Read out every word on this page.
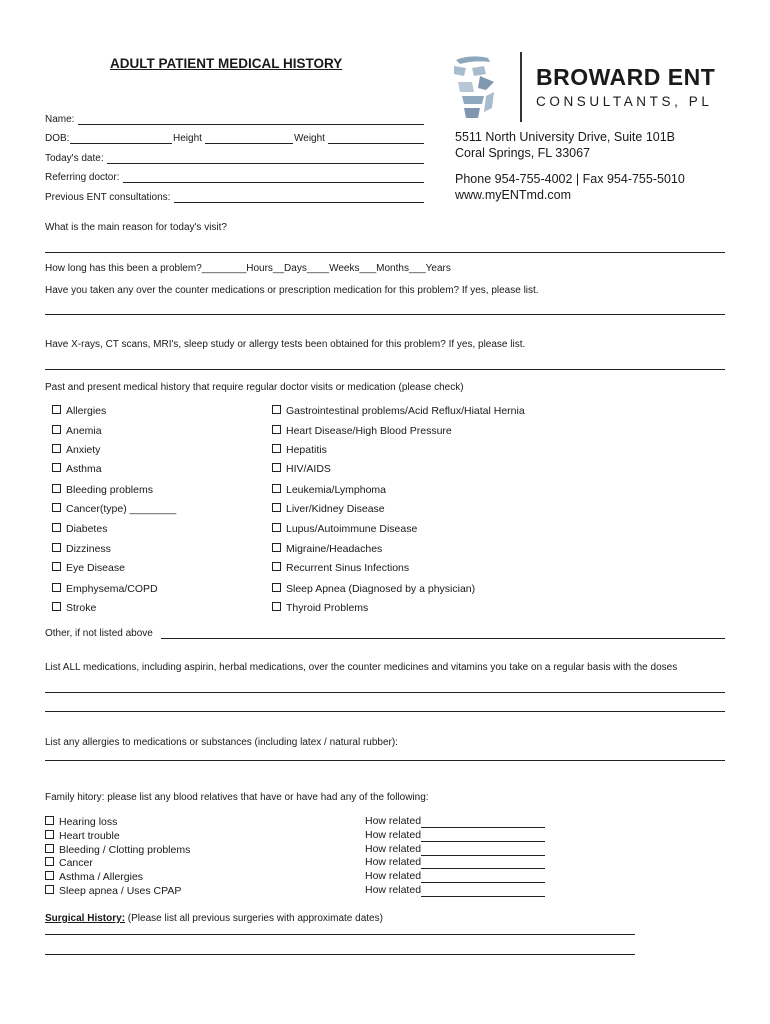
ADULT PATIENT MEDICAL HISTORY
BROWARD ENT
CONSULTANTS, PL
Name:
DOB:	Height	Weight
Today's date:
Referring doctor:
Previous ENT consultations:
5511 North University Drive, Suite 101B
Coral Springs, FL 33067
Phone 954-755-4002 | Fax 954-755-5010
www.myENTmd.com
What is the main reason for today's visit?
How long has this been a problem?________Hours__Days____Weeks___Months___Years
Have you taken any over the counter medications or prescription medication for this problem? If yes, please list.
Have X-rays, CT scans, MRI's, sleep study or allergy tests been obtained for this problem? If yes, please list.
Past and present medical history that require regular doctor visits or medication (please check)
Allergies
Anemia
Anxiety
Asthma
Bleeding problems
Cancer(type) ________
Diabetes
Dizziness
Eye Disease
Emphysema/COPD
Stroke
Gastrointestinal problems/Acid Reflux/Hiatal Hernia
Heart Disease/High Blood Pressure
Hepatitis
HIV/AIDS
Leukemia/Lymphoma
Liver/Kidney Disease
Lupus/Autoimmune Disease
Migraine/Headaches
Recurrent Sinus Infections
Sleep Apnea (Diagnosed by a physician)
Thyroid Problems
Other, if not listed above
List ALL medications, including aspirin, herbal medications, over the counter medicines and vitamins you take on a regular basis with the doses
List any allergies to medications or substances (including latex / natural rubber):
Family hitory: please list any blood relatives that have or have had any of the following:
Hearing loss
Heart trouble
Bleeding / Clotting problems
Cancer
Asthma / Allergies
Sleep apnea / Uses CPAP
How related
How related
How related
How related
How related
How related
Surgical History: (Please list all previous surgeries with approximate dates)
